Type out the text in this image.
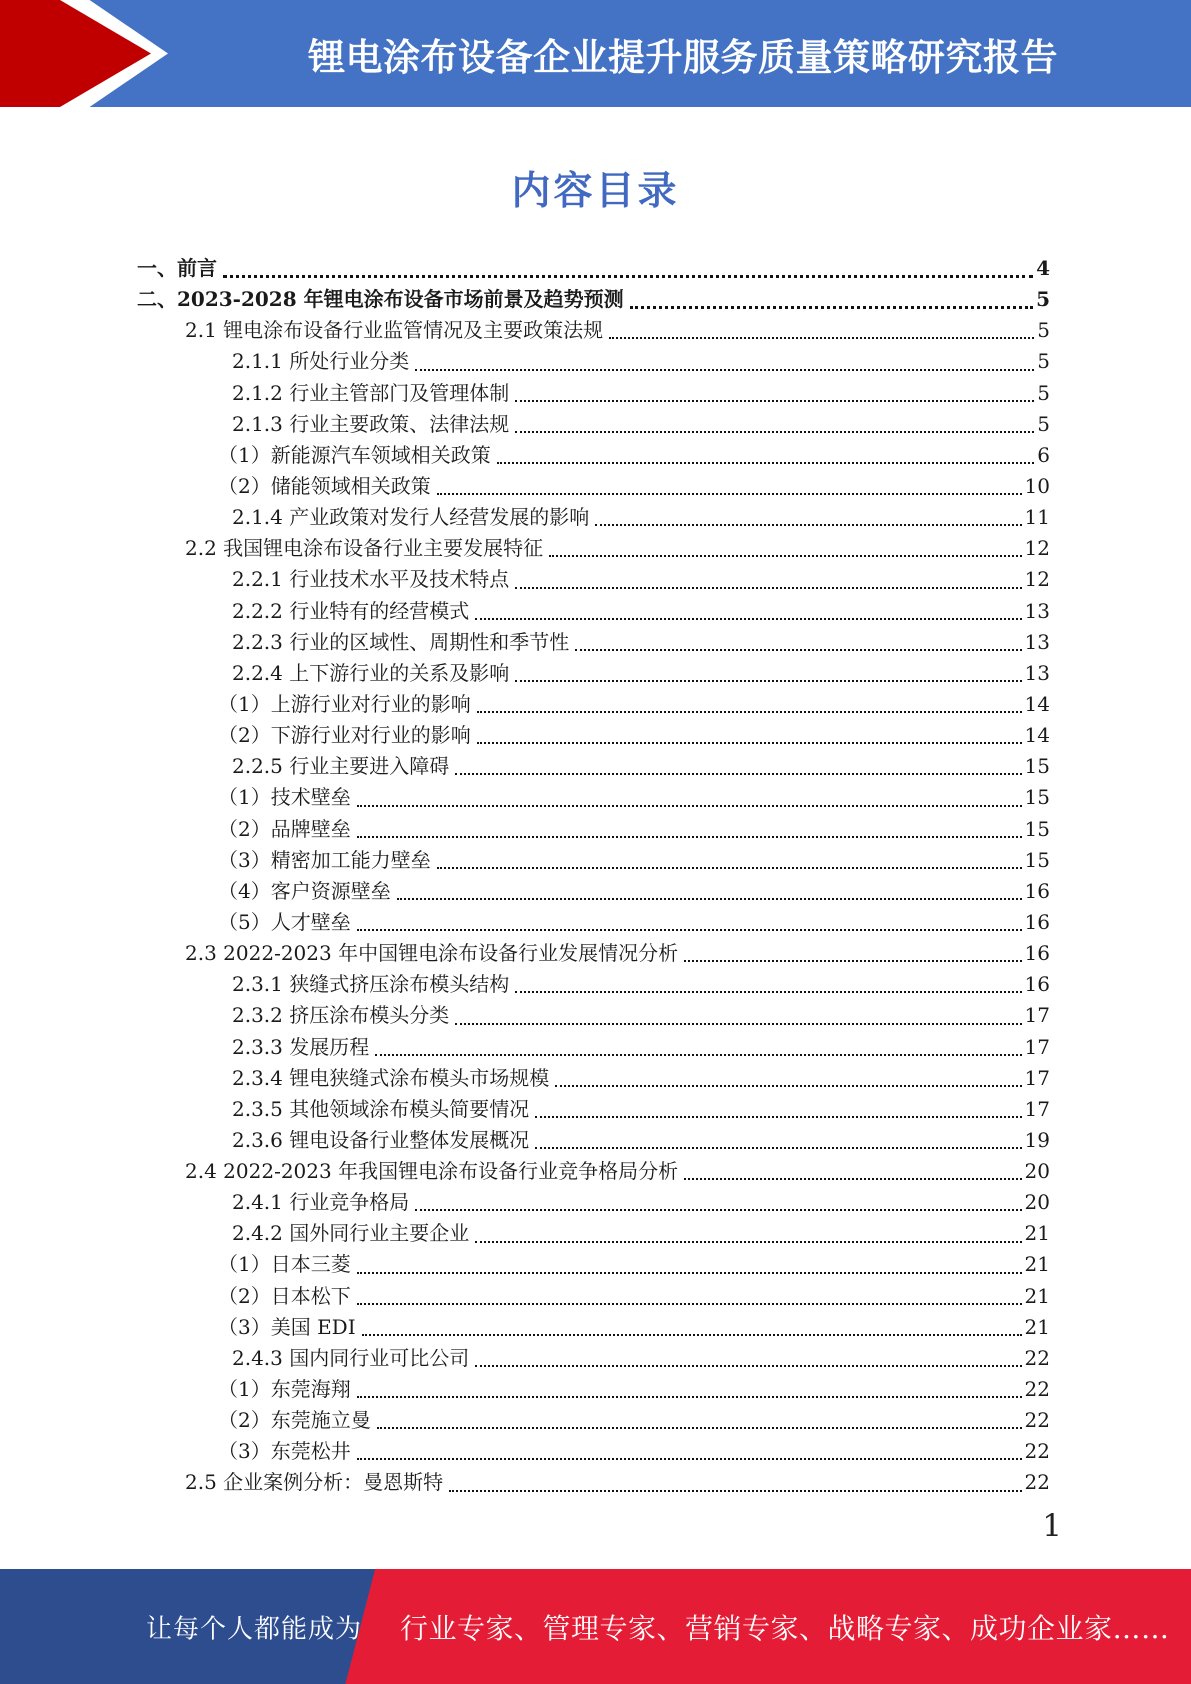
锂电涂布设备企业提升服务质量策略研究报告
内容目录
一、前言	4
二、2023-2028 年锂电涂布设备市场前景及趋势预测	5
2.1 锂电涂布设备行业监管情况及主要政策法规	5
2.1.1 所处行业分类	5
2.1.2 行业主管部门及管理体制	5
2.1.3 行业主要政策、法律法规	5
（1）新能源汽车领域相关政策	6
（2）储能领域相关政策	10
2.1.4 产业政策对发行人经营发展的影响	11
2.2 我国锂电涂布设备行业主要发展特征	12
2.2.1 行业技术水平及技术特点	12
2.2.2 行业特有的经营模式	13
2.2.3 行业的区域性、周期性和季节性	13
2.2.4 上下游行业的关系及影响	13
（1）上游行业对行业的影响	14
（2）下游行业对行业的影响	14
2.2.5 行业主要进入障碍	15
（1）技术壁垒	15
（2）品牌壁垒	15
（3）精密加工能力壁垒	15
（4）客户资源壁垒	16
（5）人才壁垒	16
2.3 2022-2023 年中国锂电涂布设备行业发展情况分析	16
2.3.1 狭缝式挤压涂布模头结构	16
2.3.2 挤压涂布模头分类	17
2.3.3 发展历程	17
2.3.4 锂电狭缝式涂布模头市场规模	17
2.3.5 其他领域涂布模头简要情况	17
2.3.6 锂电设备行业整体发展概况	19
2.4 2022-2023 年我国锂电涂布设备行业竞争格局分析	20
2.4.1 行业竞争格局	20
2.4.2 国外同行业主要企业	21
（1）日本三菱	21
（2）日本松下	21
（3）美国 EDI	21
2.4.3 国内同行业可比公司	22
（1）东莞海翔	22
（2）东莞施立曼	22
（3）东莞松井	22
2.5 企业案例分析：曼恩斯特	22
1
让每个人都能成为 行业专家、管理专家、营销专家、战略专家、成功企业家……
